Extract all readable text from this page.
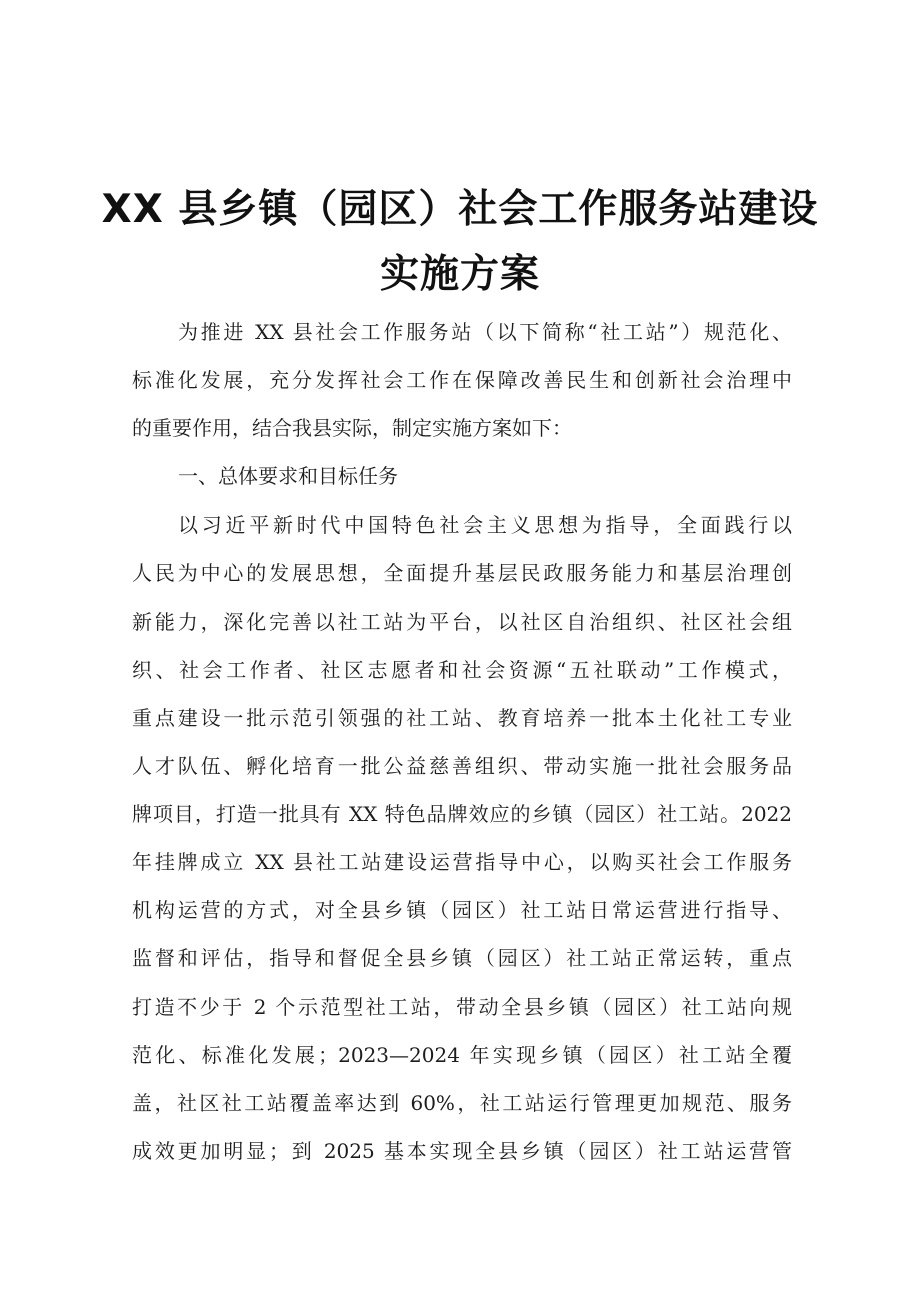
XX 县乡镇（园区）社会工作服务站建设
实施方案
为推进 XX 县社会工作服务站（以下简称“社工站”）规范化、
标准化发展，充分发挥社会工作在保障改善民生和创新社会治理中
的重要作用，结合我县实际，制定实施方案如下：
一、总体要求和目标任务
以习近平新时代中国特色社会主义思想为指导，全面践行以
人民为中心的发展思想，全面提升基层民政服务能力和基层治理创
新能力，深化完善以社工站为平台，以社区自治组织、社区社会组
织、社会工作者、社区志愿者和社会资源“五社联动”工作模式，
重点建设一批示范引领强的社工站、教育培养一批本土化社工专业
人才队伍、孵化培育一批公益慈善组织、带动实施一批社会服务品
牌项目，打造一批具有 XX 特色品牌效应的乡镇（园区）社工站。2022
年挂牌成立 XX 县社工站建设运营指导中心，以购买社会工作服务
机构运营的方式，对全县乡镇（园区）社工站日常运营进行指导、
监督和评估，指导和督促全县乡镇（园区）社工站正常运转，重点
打造不少于 2 个示范型社工站，带动全县乡镇（园区）社工站向规
范化、标准化发展；2023—2024 年实现乡镇（园区）社工站全覆
盖，社区社工站覆盖率达到 60%，社工站运行管理更加规范、服务
成效更加明显；到 2025 基本实现全县乡镇（园区）社工站运营管
